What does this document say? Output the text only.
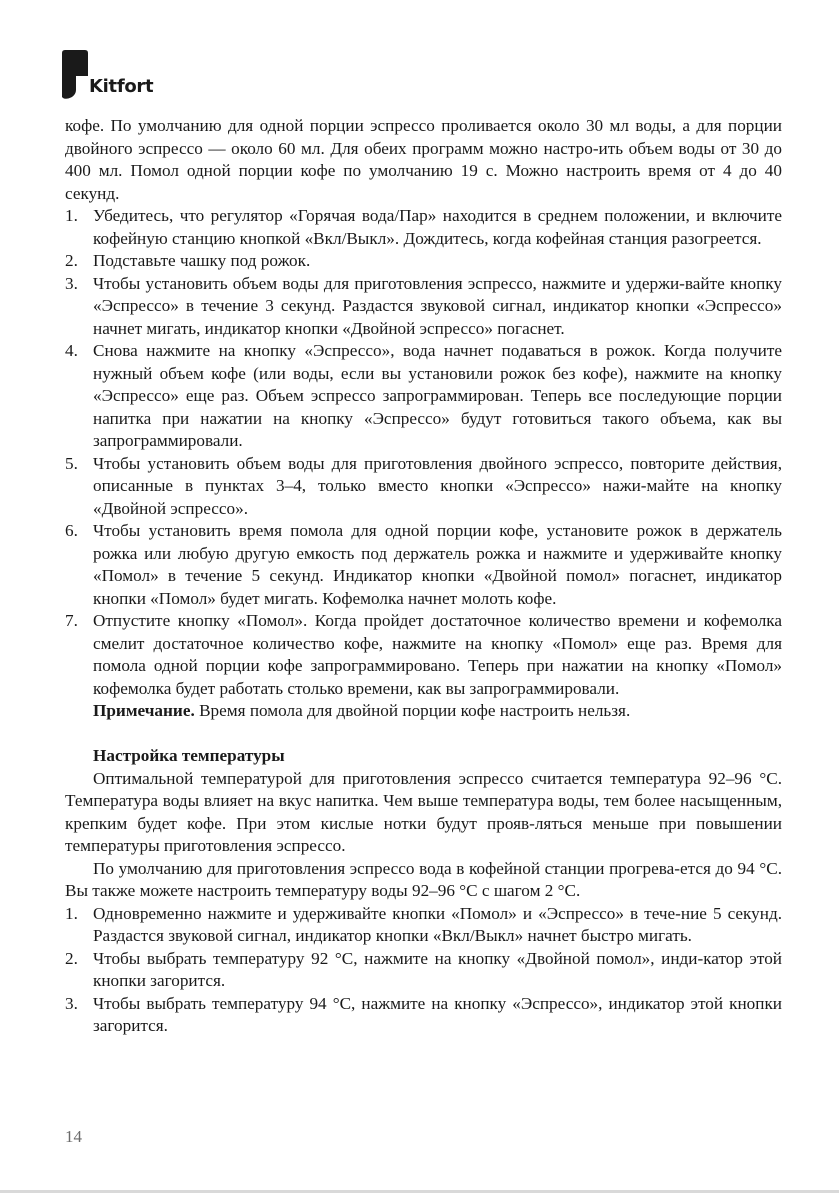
Kitfort

кофе. По умолчанию для одной порции эспрессо проливается около 30 мл воды, а для порции двойного эспрессо — около 60 мл. Для обеих программ можно настро-ить объем воды от 30 до 400 мл. Помол одной порции кофе по умолчанию 19 с. Можно настроить время от 4 до 40 секунд.

1. Убедитесь, что регулятор «Горячая вода/Пар» находится в среднем положении, и включите кофейную станцию кнопкой «Вкл/Выкл». Дождитесь, когда кофейная станция разогреется.
2. Подставьте чашку под рожок.
3. Чтобы установить объем воды для приготовления эспрессо, нажмите и удержи-вайте кнопку «Эспрессо» в течение 3 секунд. Раздастся звуковой сигнал, индикатор кнопки «Эспрессо» начнет мигать, индикатор кнопки «Двойной эспрессо» погаснет.
4. Снова нажмите на кнопку «Эспрессо», вода начнет подаваться в рожок. Когда получите нужный объем кофе (или воды, если вы установили рожок без кофе), нажмите на кнопку «Эспрессо» еще раз. Объем эспрессо запрограммирован. Теперь все последующие порции напитка при нажатии на кнопку «Эспрессо» будут готовиться такого объема, как вы запрограммировали.
5. Чтобы установить объем воды для приготовления двойного эспрессо, повторите действия, описанные в пунктах 3–4, только вместо кнопки «Эспрессо» нажи-майте на кнопку «Двойной эспрессо».
6. Чтобы установить время помола для одной порции кофе, установите рожок в держатель рожка или любую другую емкость под держатель рожка и нажмите и удерживайте кнопку «Помол» в течение 5 секунд. Индикатор кнопки «Двойной помол» погаснет, индикатор кнопки «Помол» будет мигать. Кофемолка начнет молоть кофе.
7. Отпустите кнопку «Помол». Когда пройдет достаточное количество времени и кофемолка смелит достаточное количество кофе, нажмите на кнопку «Помол» еще раз. Время для помола одной порции кофе запрограммировано. Теперь при нажатии на кнопку «Помол» кофемолка будет работать столько времени, как вы запрограммировали.

Примечание. Время помола для двойной порции кофе настроить нельзя.

Настройка температуры

Оптимальной температурой для приготовления эспрессо считается температура 92–96 °C. Температура воды влияет на вкус напитка. Чем выше температура воды, тем более насыщенным, крепким будет кофе. При этом кислые нотки будут прояв-ляться меньше при повышении температуры приготовления эспрессо.

По умолчанию для приготовления эспрессо вода в кофейной станции прогрева-ется до 94 °C. Вы также можете настроить температуру воды 92–96 °C с шагом 2 °C.

1. Одновременно нажмите и удерживайте кнопки «Помол» и «Эспрессо» в тече-ние 5 секунд. Раздастся звуковой сигнал, индикатор кнопки «Вкл/Выкл» начнет быстро мигать.
2. Чтобы выбрать температуру 92 °C, нажмите на кнопку «Двойной помол», инди-катор этой кнопки загорится.
3. Чтобы выбрать температуру 94 °C, нажмите на кнопку «Эспрессо», индикатор этой кнопки загорится.
14
